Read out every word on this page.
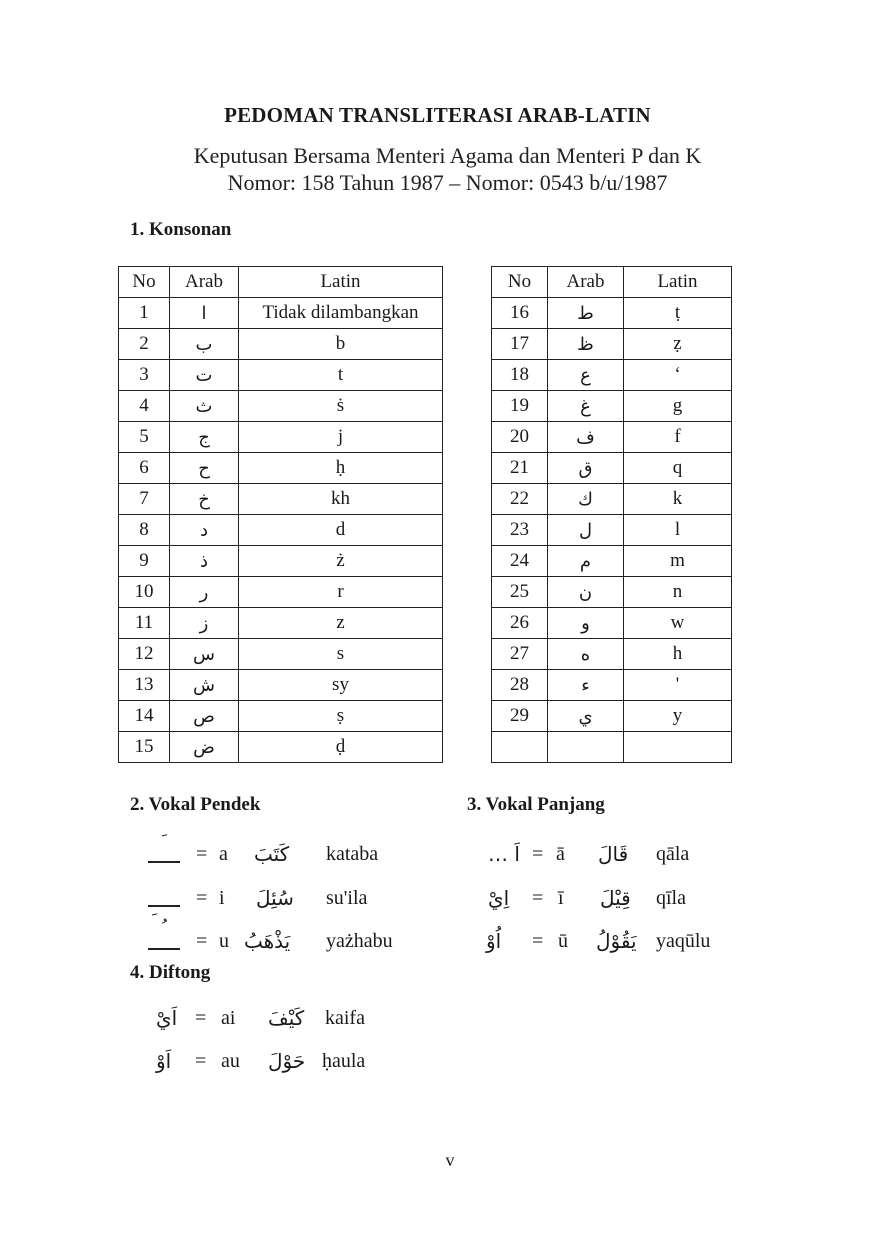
PEDOMAN TRANSLITERASI ARAB-LATIN
Keputusan Bersama Menteri Agama dan Menteri P dan K
Nomor: 158 Tahun 1987 – Nomor: 0543 b/u/1987
1. Konsonan
No	Arab	Latin
1	ا	Tidak dilambangkan
2	ب	b
3	ت	t
4	ث	ṡ
5	ج	j
6	ح	ḥ
7	خ	kh
8	د	d
9	ذ	ż
10	ر	r
11	ز	z
12	س	s
13	ش	sy
14	ص	ṣ
15	ض	ḍ
No	Arab	Latin
16	ط	ṭ
17	ظ	ẓ
18	ع	‘
19	غ	g
20	ف	f
21	ق	q
22	ك	k
23	ل	l
24	م	m
25	ن	n
26	و	w
27	ه	h
28	ء	'
29	ي	y

2. Vokal Pendek
= a كَتَبَ kataba
= i سُئِلَ su'ila
= u يَذْهَبُ yażhabu
3. Vokal Panjang
اَ … = ā قَالَ qāla
اِيْ = ī قِيْلَ qīla
اُوْ = ū يَقُوْلُ yaqūlu
4. Diftong
اَيْ = ai كَيْفَ kaifa
اَوْ = au حَوْلَ ḥaula
v
